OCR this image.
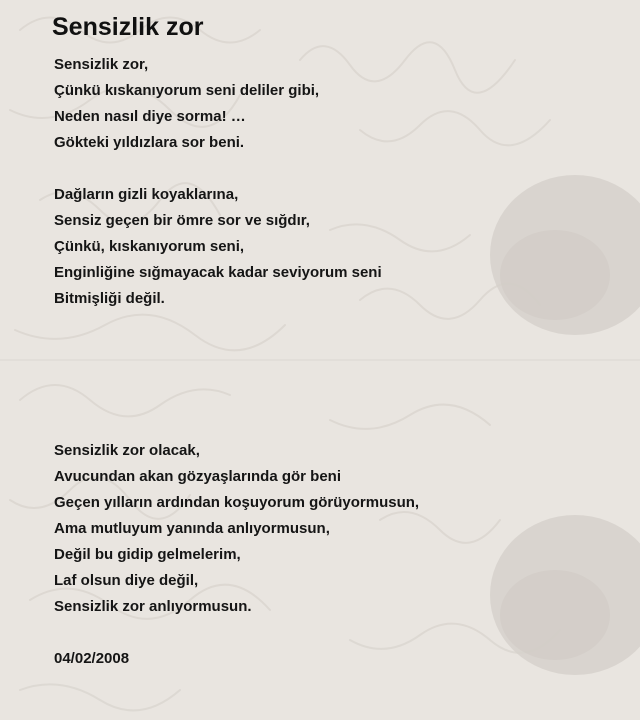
Sensizlik zor
Sensizlik zor,
Çünkü kıskanıyorum seni deliler gibi,
Neden nasıl diye sorma! …
Gökteki yıldızlara sor beni.
Dağların gizli koyaklarına,
Sensiz geçen bir ömre sor ve sığdır,
Çünkü, kıskanıyorum seni,
Enginliğine sığmayacak kadar seviyorum seni
Bitmişliği değil.
Sensizlik zor olacak,
Avucundan akan gözyaşlarında gör beni
Geçen yılların ardından koşuyorum görüyormusun,
Ama mutluyum yanında anlıyormusun,
Değil bu gidip gelmelerim,
Laf olsun diye değil,
Sensizlik zor anlıyormusun.
04/02/2008
